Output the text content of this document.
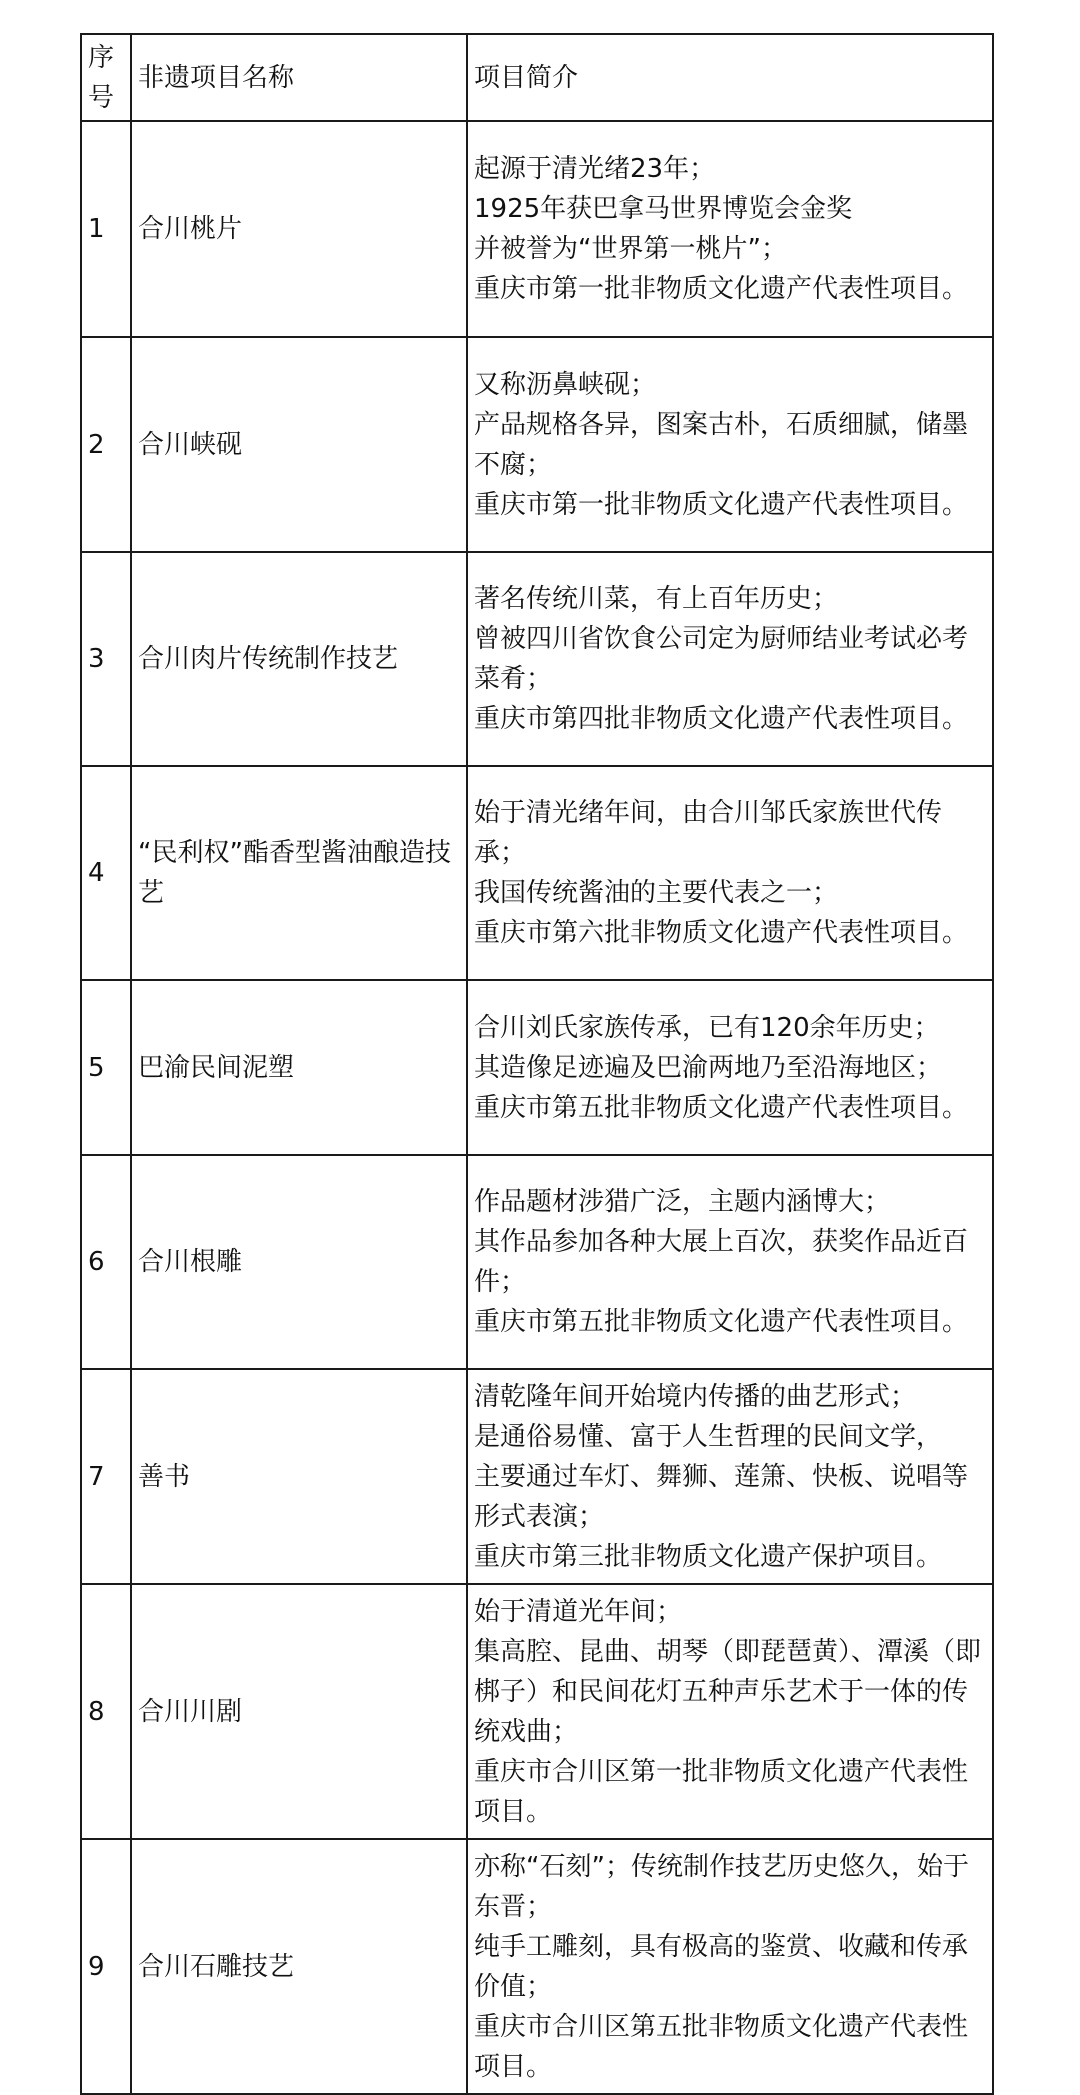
序号	非遗项目名称	项目简介
1	合川桃片	起源于清光绪23年；
1925年获巴拿马世界博览会金奖
并被誉为“世界第一桃片”；
重庆市第一批非物质文化遗产代表性项目。

2	合川峡砚	又称沥鼻峡砚；
产品规格各异，图案古朴，石质细腻，储墨不腐；
重庆市第一批非物质文化遗产代表性项目。

3	合川肉片传统制作技艺	著名传统川菜，有上百年历史；
曾被四川省饮食公司定为厨师结业考试必考菜肴；
重庆市第四批非物质文化遗产代表性项目。

4	“民利权”酯香型酱油酿造技艺	始于清光绪年间，由合川邹氏家族世代传承；
我国传统酱油的主要代表之一；
重庆市第六批非物质文化遗产代表性项目。

5	巴渝民间泥塑	合川刘氏家族传承，已有120余年历史；
其造像足迹遍及巴渝两地乃至沿海地区；
重庆市第五批非物质文化遗产代表性项目。

6	合川根雕	作品题材涉猎广泛，主题内涵博大；
其作品参加各种大展上百次，获奖作品近百件；
重庆市第五批非物质文化遗产代表性项目。

7	善书	清乾隆年间开始境内传播的曲艺形式；
是通俗易懂、富于人生哲理的民间文学，
主要通过车灯、舞狮、莲箫、快板、说唱等形式表演；
重庆市第三批非物质文化遗产保护项目。

8	合川川剧	始于清道光年间；
集高腔、昆曲、胡琴（即琵琶黄）、潭溪（即梆子）和民间花灯五种声乐艺术于一体的传统戏曲；
重庆市合川区第一批非物质文化遗产代表性项目。

9	合川石雕技艺	亦称“石刻”；传统制作技艺历史悠久，始于东晋；
纯手工雕刻，具有极高的鉴赏、收藏和传承价值；
重庆市合川区第五批非物质文化遗产代表性项目。
